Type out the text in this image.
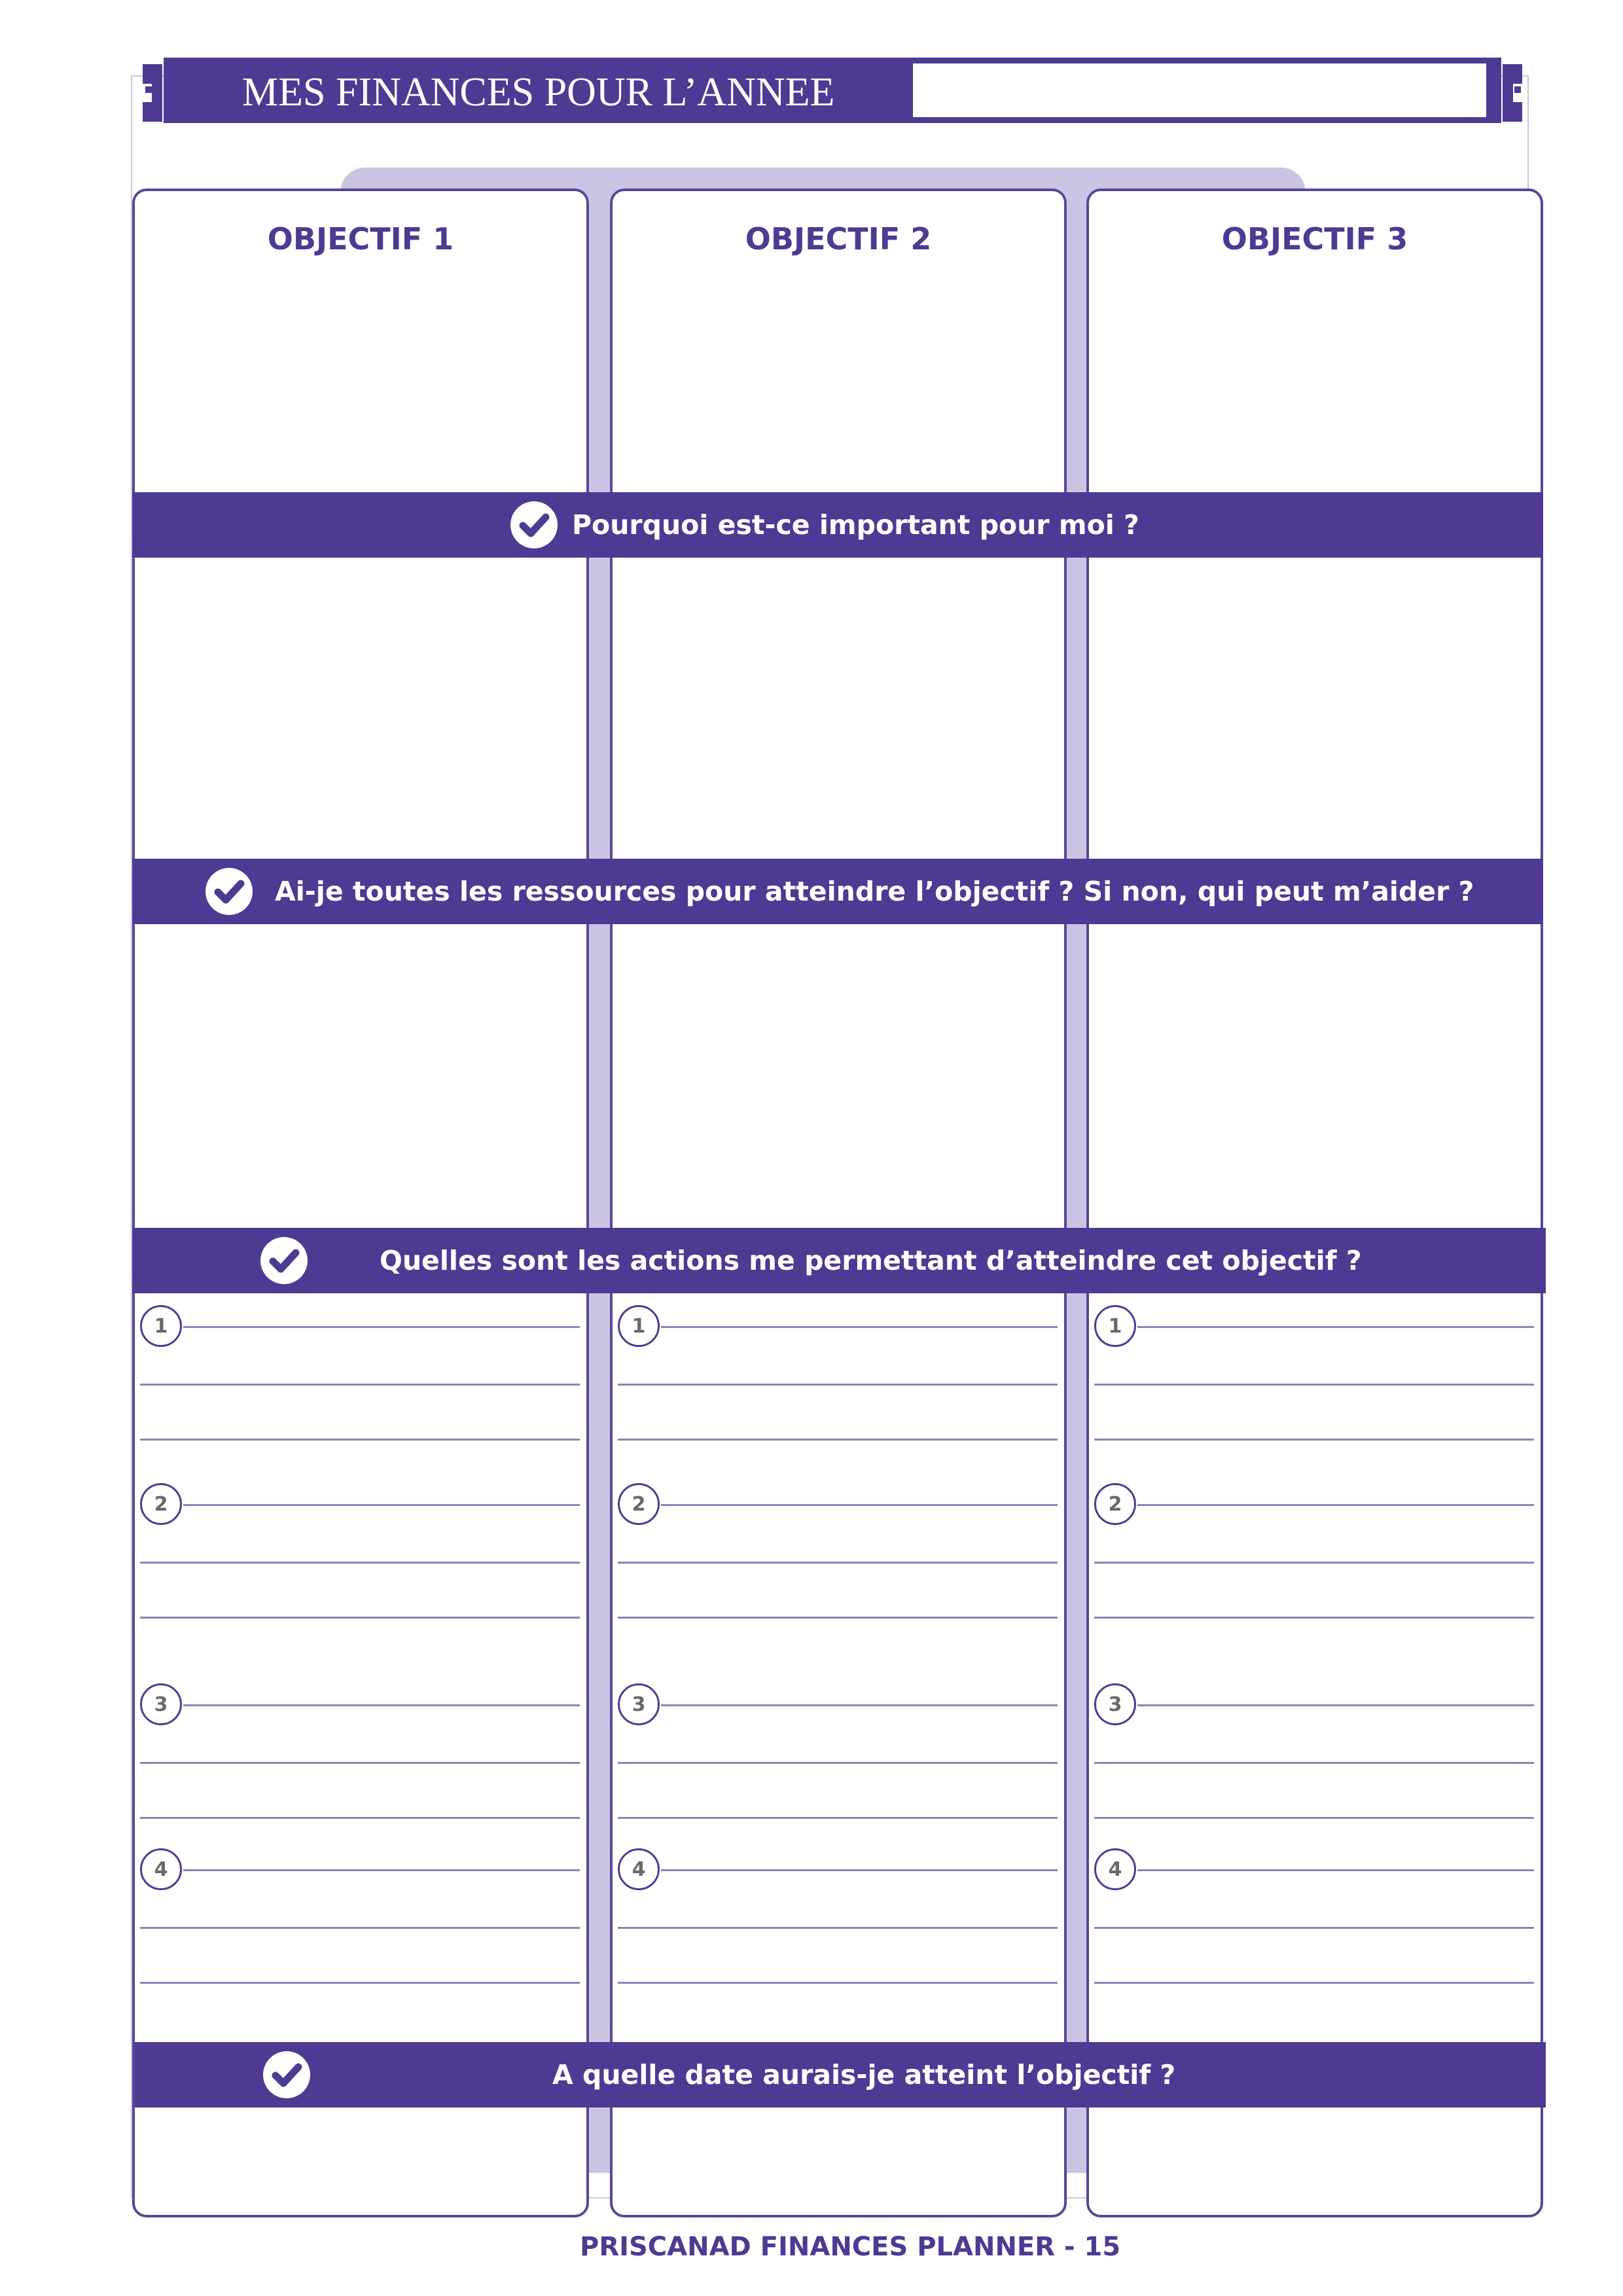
MES FINANCES POUR L’ANNEE
OBJECTIF 1	OBJECTIF 2	OBJECTIF 3
Pourquoi est-ce important pour moi ?
Ai-je toutes les ressources pour atteindre l’objectif ? Si non, qui peut m’aider ?
Quelles sont les actions me permettant d’atteindre cet objectif ?
1	1	1
2	2	2
3	3	3
4	4	4
A quelle date aurais-je atteint l’objectif ?
PRISCANAD FINANCES PLANNER - 15
